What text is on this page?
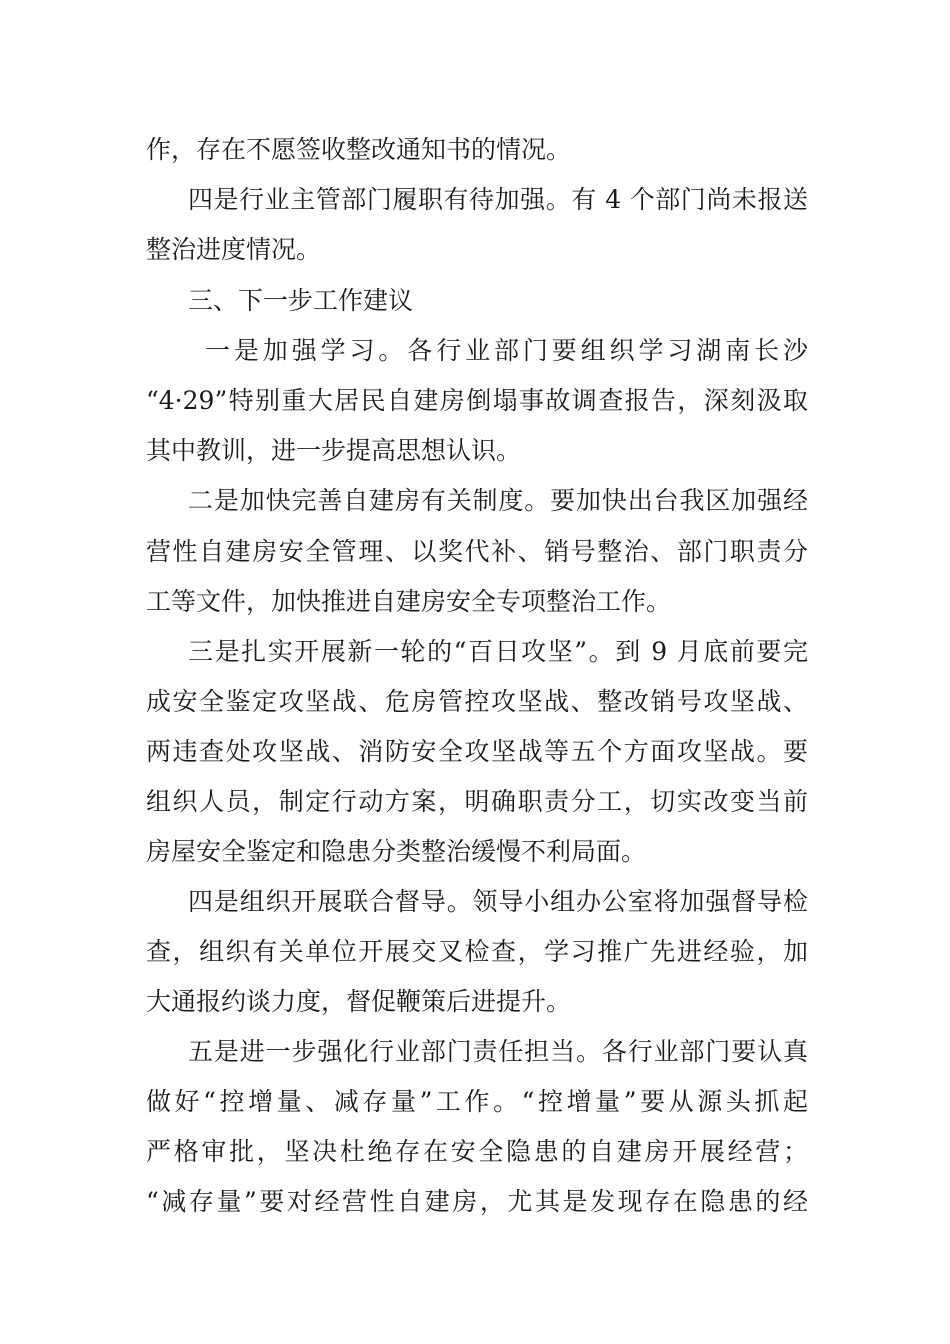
作，存在不愿签收整改通知书的情况。
四是行业主管部门履职有待加强。有 4 个部门尚未报送
整治进度情况。
三、下一步工作建议
一是加强学习。各行业部门要组织学习湖南长沙
“4·29”特别重大居民自建房倒塌事故调查报告，深刻汲取
其中教训，进一步提高思想认识。
二是加快完善自建房有关制度。要加快出台我区加强经
营性自建房安全管理、以奖代补、销号整治、部门职责分
工等文件，加快推进自建房安全专项整治工作。
三是扎实开展新一轮的“百日攻坚”。到 9 月底前要完
成安全鉴定攻坚战、危房管控攻坚战、整改销号攻坚战、
两违查处攻坚战、消防安全攻坚战等五个方面攻坚战。要
组织人员，制定行动方案，明确职责分工，切实改变当前
房屋安全鉴定和隐患分类整治缓慢不利局面。
四是组织开展联合督导。领导小组办公室将加强督导检
查，组织有关单位开展交叉检查，学习推广先进经验，加
大通报约谈力度，督促鞭策后进提升。
五是进一步强化行业部门责任担当。各行业部门要认真
做好“控增量、减存量”工作。“控增量”要从源头抓起
严格审批，坚决杜绝存在安全隐患的自建房开展经营；
“减存量”要对经营性自建房，尤其是发现存在隐患的经
